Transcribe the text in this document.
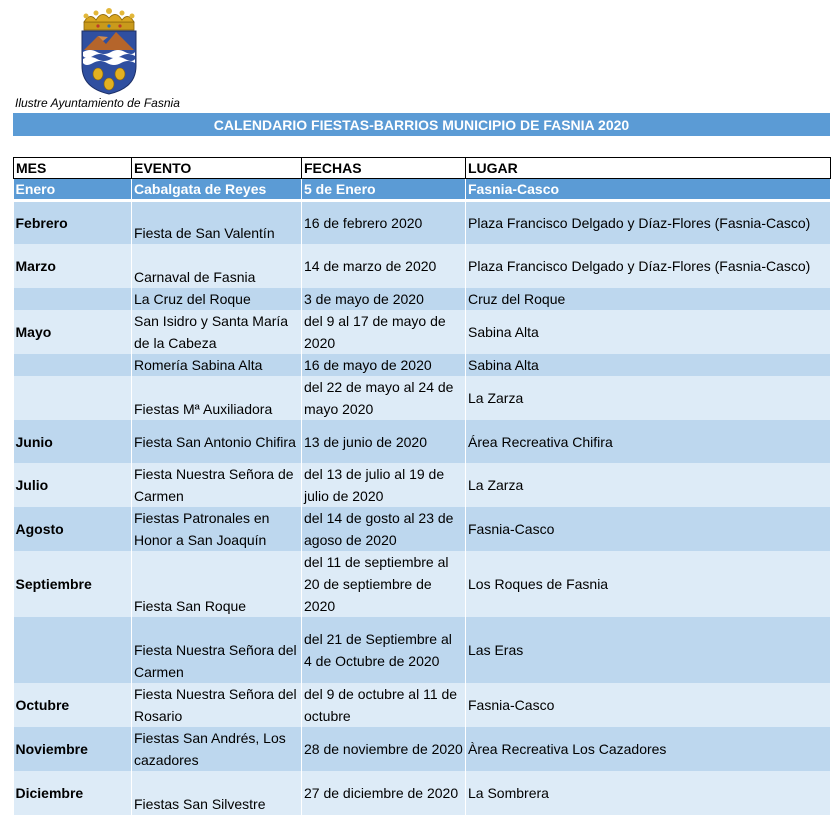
Ilustre Ayuntamiento de Fasnia
CALENDARIO FIESTAS-BARRIOS MUNICIPIO DE FASNIA 2020
MES	EVENTO	FECHAS	LUGAR
Enero	Cabalgata de Reyes	5 de Enero	Fasnia-Casco

Febrero	Fiesta de San Valentín	16 de febrero 2020	Plaza Francisco Delgado y Díaz-Flores (Fasnia-Casco)
Marzo	Carnaval de Fasnia	14 de marzo de 2020	Plaza Francisco Delgado y Díaz-Flores (Fasnia-Casco)
	La Cruz del Roque	3 de mayo de 2020	Cruz del Roque
Mayo	San Isidro y Santa María de la Cabeza	del 9 al 17 de mayo de 2020	Sabina Alta
	Romería Sabina Alta	16 de mayo de 2020	Sabina Alta
	Fiestas Mª Auxiliadora	del 22 de mayo al 24 de mayo 2020	La Zarza
Junio	Fiesta San Antonio Chifira	13 de junio de 2020	Área Recreativa Chifira
Julio	Fiesta Nuestra Señora de Carmen	del 13 de julio al 19 de julio de 2020	La Zarza
Agosto	Fiestas Patronales en Honor a San Joaquín	del 14 de gosto al 23 de agoso de 2020	Fasnia-Casco
Septiembre	Fiesta San Roque	del 11 de septiembre al 20 de septiembre de 2020	Los Roques de Fasnia
	Fiesta Nuestra Señora del Carmen	del 21 de Septiembre al 4 de Octubre de 2020	Las Eras
Octubre	Fiesta Nuestra Señora del Rosario	del 9 de octubre al 11 de octubre	Fasnia-Casco
Noviembre	Fiestas San Andrés, Los cazadores	28 de noviembre de 2020	Àrea Recreativa Los Cazadores
Diciembre	Fiestas San Silvestre	27 de diciembre de 2020	La Sombrera
